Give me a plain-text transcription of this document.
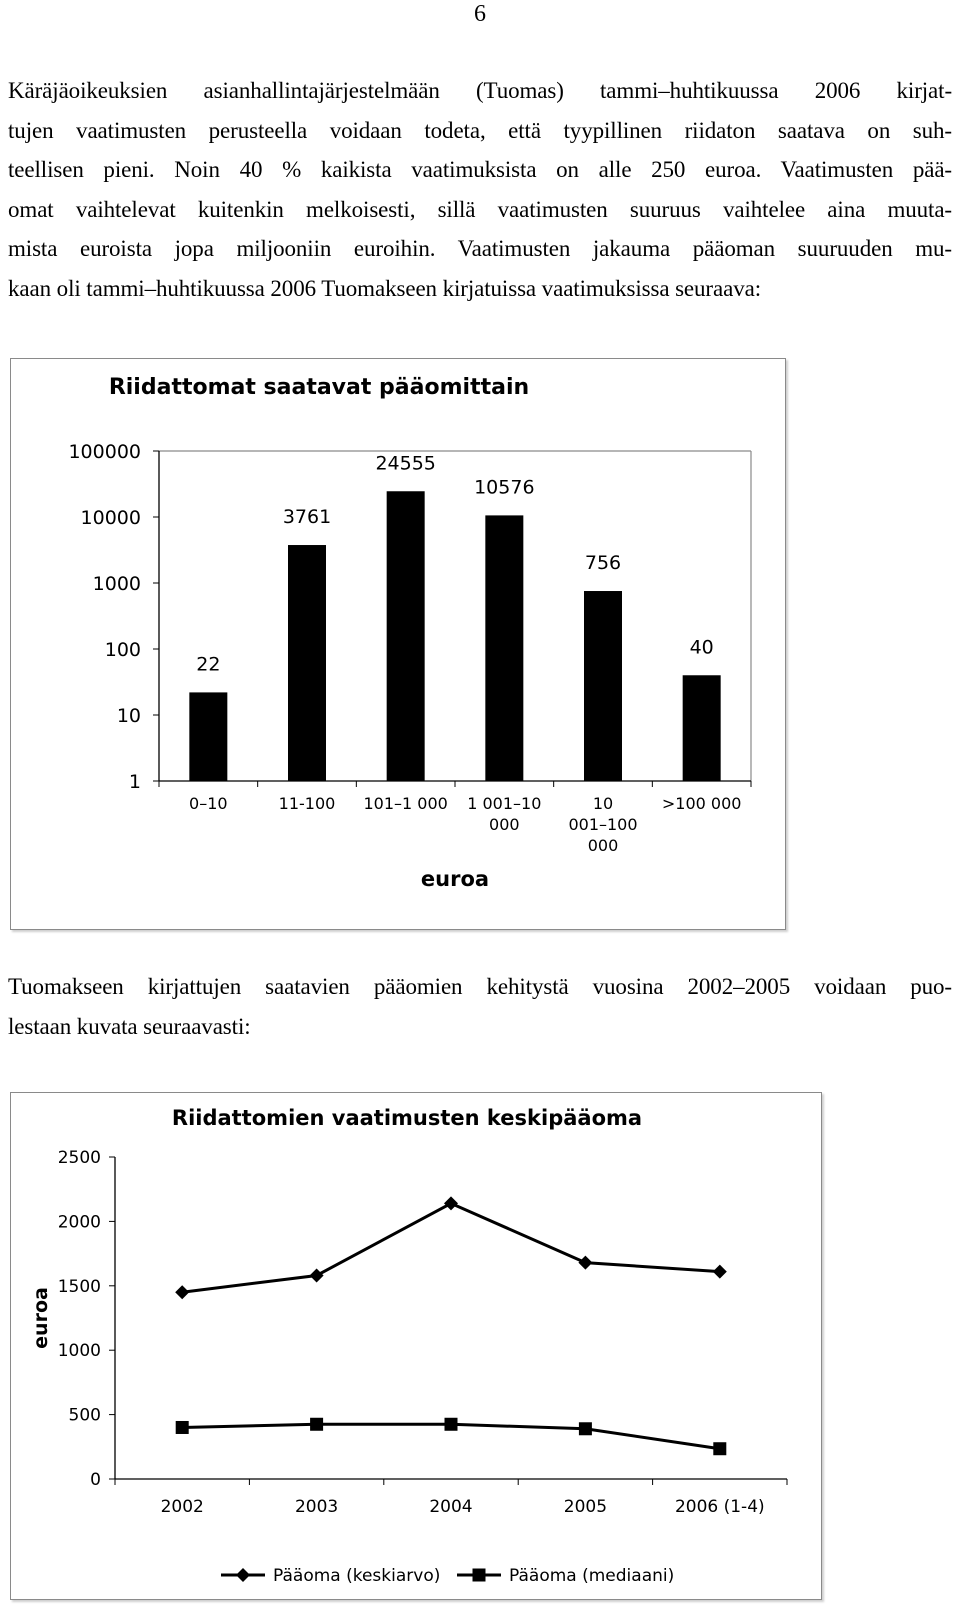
6

Käräjäoikeuksien asianhallintajärjestelmään (Tuomas) tammi–huhtikuussa 2006 kirjat-
tujen vaatimusten perusteella voidaan todeta, että tyypillinen riidaton saatava on suh-
teellisen pieni. Noin 40 % kaikista vaatimuksista on alle 250 euroa. Vaatimusten pää-
omat vaihtelevat kuitenkin melkoisesti, sillä vaatimusten suuruus vaihtelee aina muuta-
mista euroista jopa miljooniin euroihin. Vaatimusten jakauma pääoman suuruuden mu-
kaan oli tammi–huhtikuussa 2006 Tuomakseen kirjatuissa vaatimuksissa seuraava:

Riidattomat saatavat pääomittain
100000
10000
1000
100
10
1
22
0–10
3761
11-100
24555
101–1 000
10576
1 001–10
000
756
10
001–100
000
40
>100 000
euroa

Tuomakseen kirjattujen saatavien pääomien kehitystä vuosina 2002–2005 voidaan puo-
lestaan kuvata seuraavasti:

Riidattomien vaatimusten keskipääoma
2500
2000
1500
1000
500
0
euroa
2002	2003	2004	2005	2006 (1-4)
Pääoma (keskiarvo)	Pääoma (mediaani)
